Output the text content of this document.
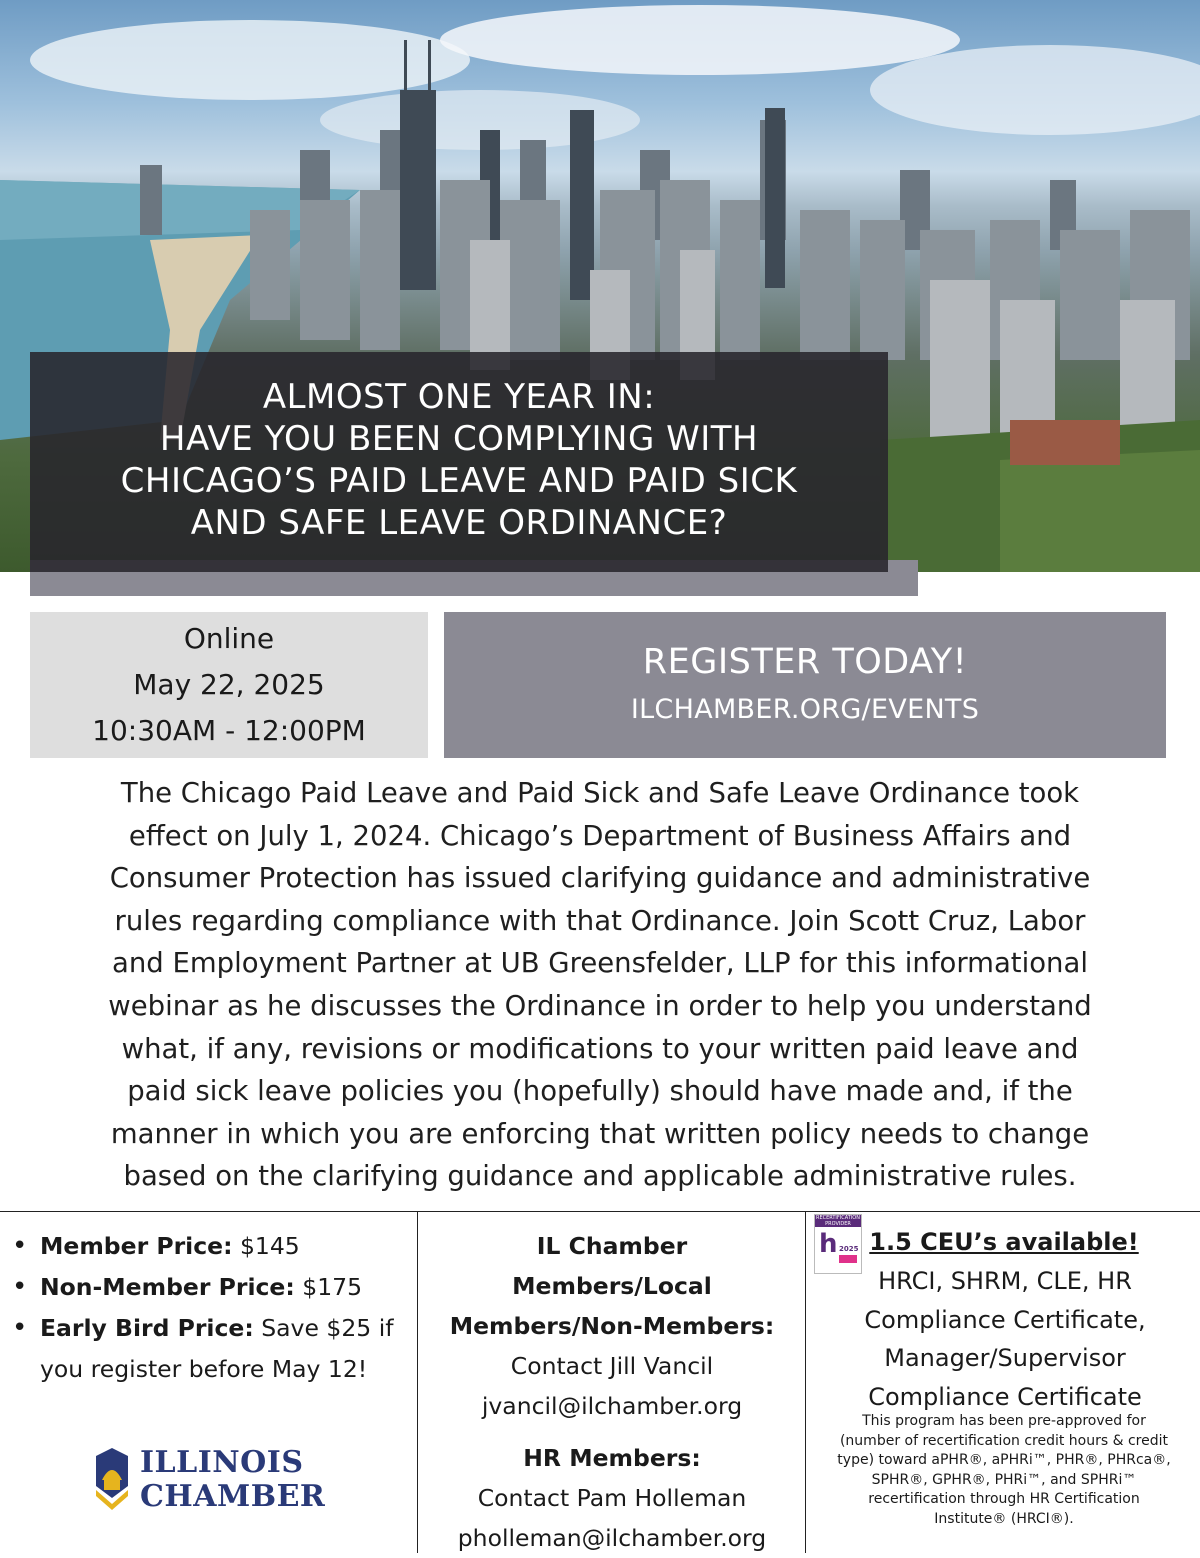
ALMOST ONE YEAR IN:
HAVE YOU BEEN COMPLYING WITH
CHICAGO’S PAID LEAVE AND PAID SICK
AND SAFE LEAVE ORDINANCE?
Online
May 22, 2025
10:30AM - 12:00PM
REGISTER TODAY!
ILCHAMBER.ORG/EVENTS
The Chicago Paid Leave and Paid Sick and Safe Leave Ordinance took
effect on July 1, 2024. Chicago’s Department of Business Affairs and
Consumer Protection has issued clarifying guidance and administrative
rules regarding compliance with that Ordinance. Join Scott Cruz, Labor
and Employment Partner at UB Greensfelder, LLP for this informational
webinar as he discusses the Ordinance in order to help you understand
what, if any, revisions or modifications to your written paid leave and
paid sick leave policies you (hopefully) should have made and, if the
manner in which you are enforcing that written policy needs to change
based on the clarifying guidance and applicable administrative rules.
• Member Price: $145
• Non-Member Price: $175
• Early Bird Price: Save $25 if you register before May 12!
ILLINOIS
CHAMBER
IL Chamber
Members/Local
Members/Non-Members:
Contact Jill Vancil
jvancil@ilchamber.org
HR Members:
Contact Pam Holleman
pholleman@ilchamber.org
RECERTIFICATION PROVIDER
h 2025 1.5 CEU’s available!
HRCI, SHRM, CLE, HR
Compliance Certificate,
Manager/Supervisor
Compliance Certificate
This program has been pre-approved for
(number of recertification credit hours & credit
type) toward aPHR®, aPHRi™, PHR®, PHRca®,
SPHR®, GPHR®, PHRi™, and SPHRi™
recertification through HR Certification
Institute® (HRCI®).
